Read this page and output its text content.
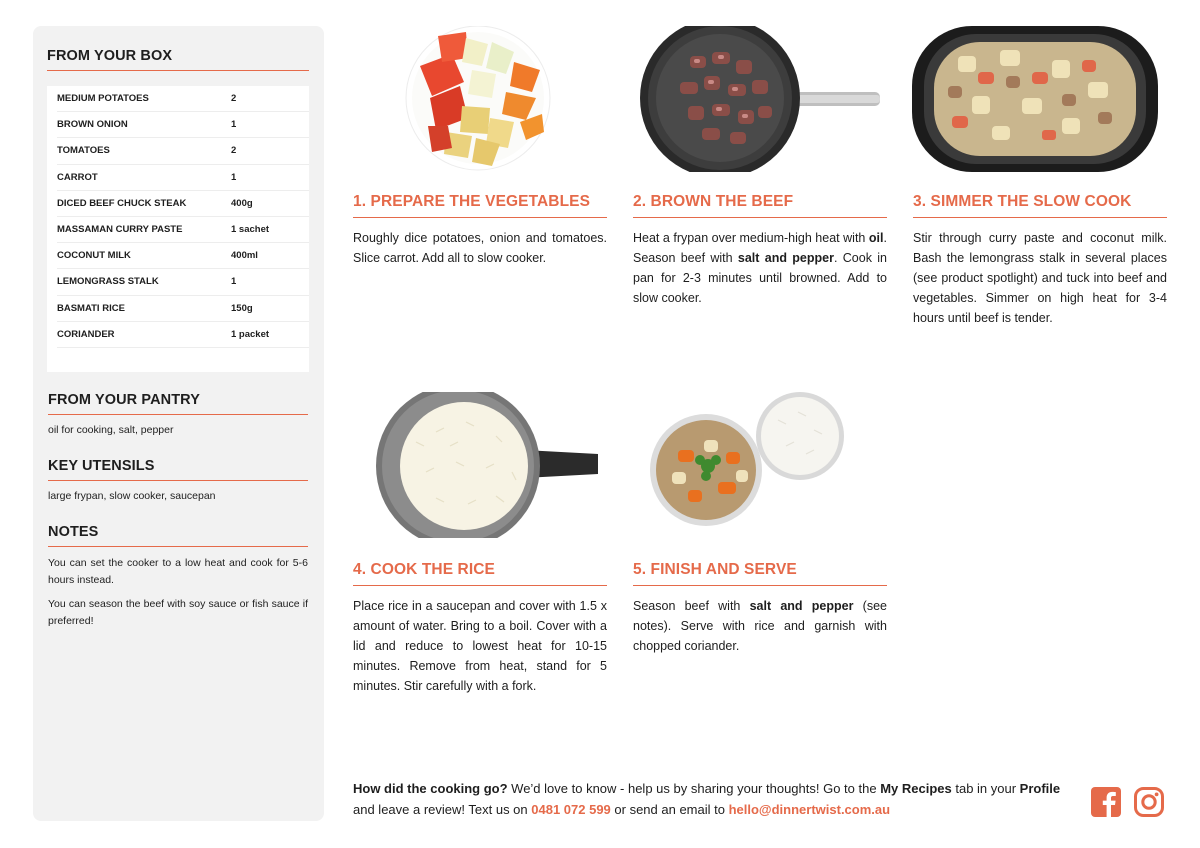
FROM YOUR BOX
MEDIUM POTATOES	2
BROWN ONION	1
TOMATOES	2
CARROT	1
DICED BEEF CHUCK STEAK	400g
MASSAMAN CURRY PASTE	1 sachet
COCONUT MILK	400ml
LEMONGRASS STALK	1
BASMATI RICE	150g
CORIANDER	1 packet
FROM YOUR PANTRY
oil for cooking, salt, pepper
KEY UTENSILS
large frypan, slow cooker, saucepan
NOTES
You can set the cooker to a low heat and cook for 5-6 hours instead.
You can season the beef with soy sauce or fish sauce if preferred!
1. PREPARE THE VEGETABLES
Roughly dice potatoes, onion and tomatoes. Slice carrot. Add all to slow cooker.
2. BROWN THE BEEF
Heat a frypan over medium-high heat with oil. Season beef with salt and pepper. Cook in pan for 2-3 minutes until browned. Add to slow cooker.
3. SIMMER THE SLOW COOK
Stir through curry paste and coconut milk. Bash the lemongrass stalk in several places (see product spotlight) and tuck into beef and vegetables. Simmer on high heat for 3-4 hours until beef is tender.
4. COOK THE RICE
Place rice in a saucepan and cover with 1.5 x amount of water. Bring to a boil. Cover with a lid and reduce to lowest heat for 10-15 minutes. Remove from heat, stand for 5 minutes. Stir carefully with a fork.
5. FINISH AND SERVE
Season beef with salt and pepper (see notes). Serve with rice and garnish with chopped coriander.
How did the cooking go? We’d love to know - help us by sharing your thoughts! Go to the My Recipes tab in your Profile and leave a review! Text us on 0481 072 599 or send an email to hello@dinnertwist.com.au
